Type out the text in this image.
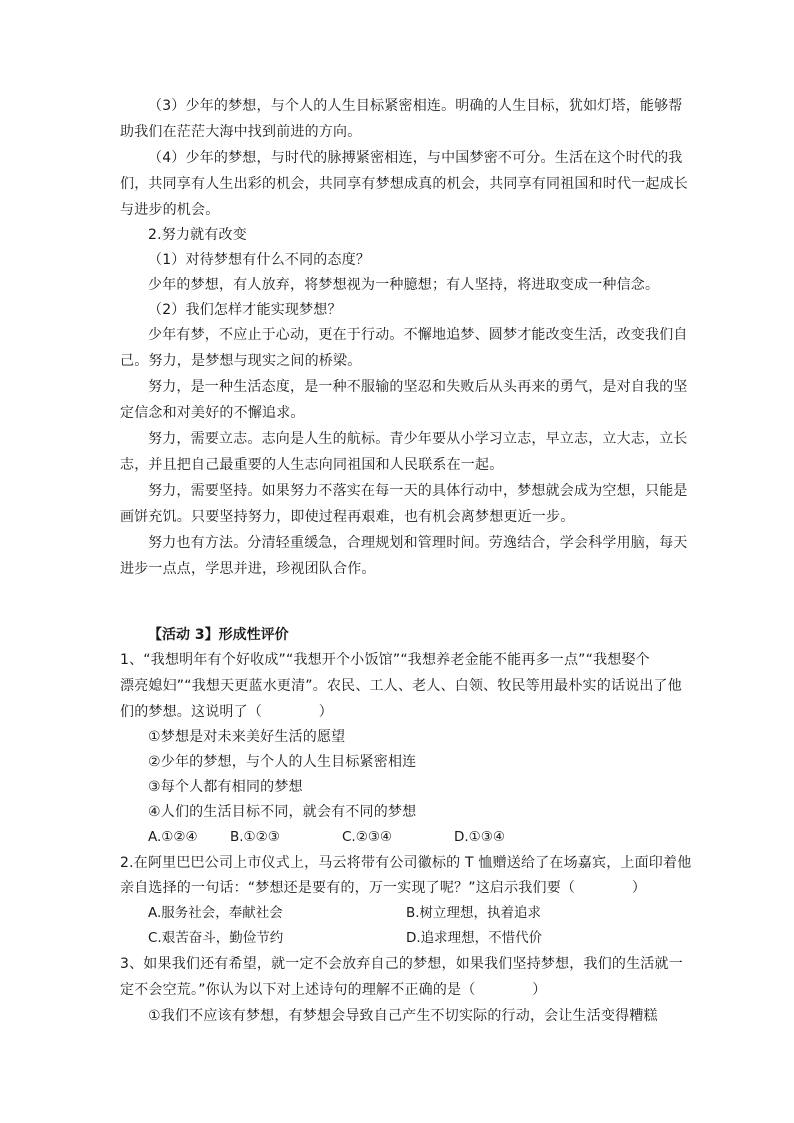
（3）少年的梦想，与个人的人生目标紧密相连。明确的人生目标，犹如灯塔，能够帮
助我们在茫茫大海中找到前进的方向。
（4）少年的梦想，与时代的脉搏紧密相连，与中国梦密不可分。生活在这个时代的我
们，共同享有人生出彩的机会，共同享有梦想成真的机会，共同享有同祖国和时代一起成长
与进步的机会。
2.努力就有改变
（1）对待梦想有什么不同的态度？
少年的梦想，有人放弃，将梦想视为一种臆想；有人坚持，将进取变成一种信念。
（2）我们怎样才能实现梦想？
少年有梦，不应止于心动，更在于行动。不懈地追梦、圆梦才能改变生活，改变我们自
己。努力，是梦想与现实之间的桥梁。
努力，是一种生活态度，是一种不服输的坚忍和失败后从头再来的勇气，是对自我的坚
定信念和对美好的不懈追求。
努力，需要立志。志向是人生的航标。青少年要从小学习立志，早立志，立大志，立长
志，并且把自己最重要的人生志向同祖国和人民联系在一起。
努力，需要坚持。如果努力不落实在每一天的具体行动中，梦想就会成为空想，只能是
画饼充饥。只要坚持努力，即使过程再艰难，也有机会离梦想更近一步。
努力也有方法。分清轻重缓急，合理规划和管理时间。劳逸结合，学会科学用脑，每天
进步一点点，学思并进，珍视团队合作。
【活动 3】形成性评价
1、“我想明年有个好收成”“我想开个小饭馆”“我想养老金能不能再多一点”“我想娶个
漂亮媳妇”“我想天更蓝水更清”。农民、工人、老人、白领、牧民等用最朴实的话说出了他
们的梦想。这说明了（　　　　）
①梦想是对未来美好生活的愿望
②少年的梦想，与个人的人生目标紧密相连
③每个人都有相同的梦想
④人们的生活目标不同，就会有不同的梦想
A.①②④ B.①②③	C.②③④	D.①③④
2.在阿里巴巴公司上市仪式上，马云将带有公司徽标的 T 恤赠送给了在场嘉宾，上面印着他
亲自选择的一句话：“梦想还是要有的，万一实现了呢？”这启示我们要（　　　　）
A.服务社会，奉献社会	B.树立理想，执着追求
C.艰苦奋斗，勤俭节约	D.追求理想，不惜代价
3、如果我们还有希望，就一定不会放弃自己的梦想，如果我们坚持梦想，我们的生活就一
定不会空荒。”你认为以下对上述诗句的理解不正确的是（　　　　）
①我们不应该有梦想，有梦想会导致自己产生不切实际的行动，会让生活变得糟糕
